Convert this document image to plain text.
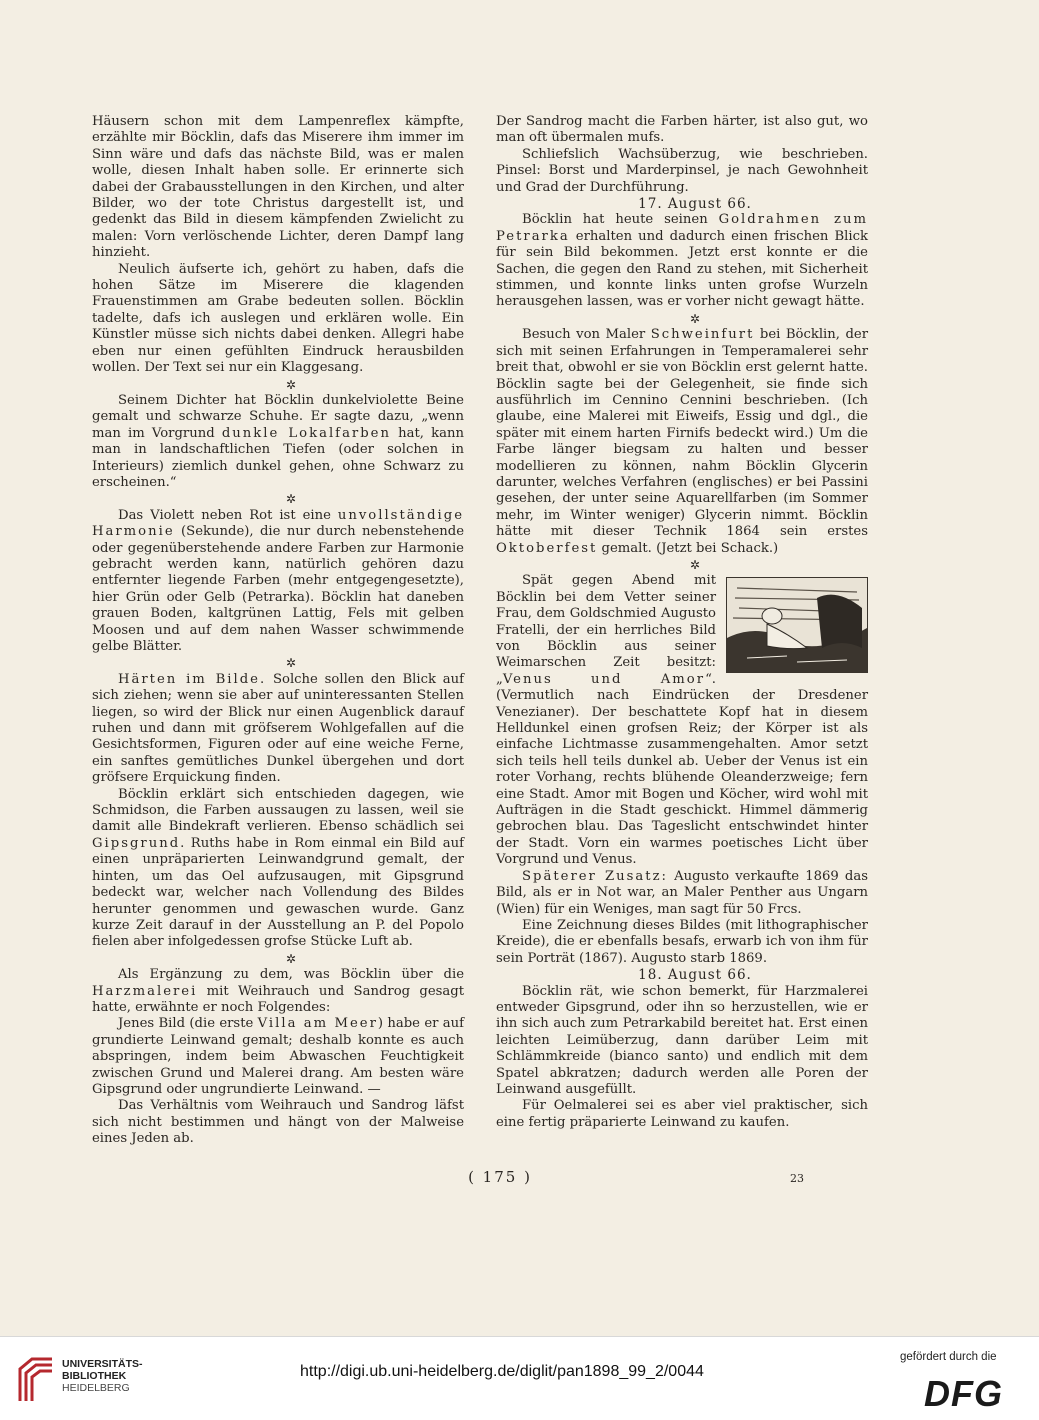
Häusern schon mit dem Lampenreflex kämpfte, erzählte mir Böcklin, dafs das Miserere ihm immer im Sinn wäre und dafs das nächste Bild, was er malen wolle, diesen Inhalt haben solle. Er erinnerte sich dabei der Grabausstellungen in den Kirchen, und alter Bilder, wo der tote Christus dargestellt ist, und gedenkt das Bild in diesem kämpfenden Zwielicht zu malen: Vorn verlöschende Lichter, deren Dampf lang hinzieht.

Neulich äufserte ich, gehört zu haben, dafs die hohen Sätze im Miserere die klagenden Frauenstimmen am Grabe bedeuten sollen. Böcklin tadelte, dafs ich auslegen und erklären wolle. Ein Künstler müsse sich nichts dabei denken. Allegri habe eben nur einen gefühlten Eindruck herausbilden wollen. Der Text sei nur ein Klaggesang.

✲

Seinem Dichter hat Böcklin dunkelviolette Beine gemalt und schwarze Schuhe. Er sagte dazu, „wenn man im Vorgrund dunkle Lokalfarben hat, kann man in landschaftlichen Tiefen (oder solchen in Interieurs) ziemlich dunkel gehen, ohne Schwarz zu erscheinen.“

✲

Das Violett neben Rot ist eine unvollständige Harmonie (Sekunde), die nur durch nebenstehende oder gegenüberstehende andere Farben zur Harmonie gebracht werden kann, natürlich gehören dazu entfernter liegende Farben (mehr entgegengesetzte), hier Grün oder Gelb (Petrarka). Böcklin hat daneben grauen Boden, kaltgrünen Lattig, Fels mit gelben Moosen und auf dem nahen Wasser schwimmende gelbe Blätter.

✲

Härten im Bilde. Solche sollen den Blick auf sich ziehen; wenn sie aber auf uninteressanten Stellen liegen, so wird der Blick nur einen Augenblick darauf ruhen und dann mit gröfserem Wohlgefallen auf die Gesichtsformen, Figuren oder auf eine weiche Ferne, ein sanftes gemütliches Dunkel übergehen und dort gröfsere Erquickung finden.

Böcklin erklärt sich entschieden dagegen, wie Schmidson, die Farben aussaugen zu lassen, weil sie damit alle Bindekraft verlieren. Ebenso schädlich sei Gipsgrund. Ruths habe in Rom einmal ein Bild auf einen unpräparierten Leinwandgrund gemalt, der hinten, um das Oel aufzusaugen, mit Gipsgrund bedeckt war, welcher nach Vollendung des Bildes herunter genommen und gewaschen wurde. Ganz kurze Zeit darauf in der Ausstellung an P. del Popolo fielen aber infolgedessen grofse Stücke Luft ab.

✲

Als Ergänzung zu dem, was Böcklin über die Harzmalerei mit Weihrauch und Sandrog gesagt hatte, erwähnte er noch Folgendes:

Jenes Bild (die erste Villa am Meer) habe er auf grundierte Leinwand gemalt; deshalb konnte es auch abspringen, indem beim Abwaschen Feuchtigkeit zwischen Grund und Malerei drang. Am besten wäre Gipsgrund oder ungrundierte Leinwand. —

Das Verhältnis vom Weihrauch und Sandrog läfst sich nicht bestimmen und hängt von der Malweise eines Jeden ab.

Der Sandrog macht die Farben härter, ist also gut, wo man oft übermalen mufs.

Schliefslich Wachsüberzug, wie beschrieben. Pinsel: Borst und Marderpinsel, je nach Gewohnheit und Grad der Durchführung.

17. August 66.

Böcklin hat heute seinen Goldrahmen zum Petrarka erhalten und dadurch einen frischen Blick für sein Bild bekommen. Jetzt erst konnte er die Sachen, die gegen den Rand zu stehen, mit Sicherheit stimmen, und konnte links unten grofse Wurzeln herausgehen lassen, was er vorher nicht gewagt hätte.

✲

Besuch von Maler Schweinfurt bei Böcklin, der sich mit seinen Erfahrungen in Temperamalerei sehr breit that, obwohl er sie von Böcklin erst gelernt hatte. Böcklin sagte bei der Gelegenheit, sie finde sich ausführlich im Cennino Cennini beschrieben. (Ich glaube, eine Malerei mit Eiweifs, Essig und dgl., die später mit einem harten Firnifs bedeckt wird.) Um die Farbe länger biegsam zu halten und besser modellieren zu können, nahm Böcklin Glycerin darunter, welches Verfahren (englisches) er bei Passini gesehen, der unter seine Aquarellfarben (im Sommer mehr, im Winter weniger) Glycerin nimmt. Böcklin hätte mit dieser Technik 1864 sein erstes Oktoberfest gemalt. (Jetzt bei Schack.)

✲

Spät gegen Abend mit Böcklin bei dem Vetter seiner Frau, dem Goldschmied Augusto Fratelli, der ein herrliches Bild von Böcklin aus seiner Weimarschen Zeit besitzt: „Venus und Amor“. (Vermutlich nach Eindrücken der Dresdener Venezianer). Der beschattete Kopf hat in diesem Helldunkel einen grofsen Reiz; der Körper ist als einfache Lichtmasse zusammengehalten. Amor setzt sich teils hell teils dunkel ab. Ueber der Venus ist ein roter Vorhang, rechts blühende Oleanderzweige; fern eine Stadt. Amor mit Bogen und Köcher, wird wohl mit Aufträgen in die Stadt geschickt. Himmel dämmerig gebrochen blau. Das Tageslicht entschwindet hinter der Stadt. Vorn ein warmes poetisches Licht über Vorgrund und Venus.

Späterer Zusatz: Augusto verkaufte 1869 das Bild, als er in Not war, an Maler Penther aus Ungarn (Wien) für ein Weniges, man sagt für 50 Frcs.

Eine Zeichnung dieses Bildes (mit lithographischer Kreide), die er ebenfalls besafs, erwarb ich von ihm für sein Porträt (1867). Augusto starb 1869.

18. August 66.

Böcklin rät, wie schon bemerkt, für Harzmalerei entweder Gipsgrund, oder ihn so herzustellen, wie er ihn sich auch zum Petrarkabild bereitet hat. Erst einen leichten Leimüberzug, dann darüber Leim mit Schlämmkreide (bianco santo) und endlich mit dem Spatel abkratzen; dadurch werden alle Poren der Leinwand ausgefüllt.

Für Oelmalerei sei es aber viel praktischer, sich eine fertig präparierte Leinwand zu kaufen.

( 175 )	23
UNIVERSITÄTS-
BIBLIOTHEK
HEIDELBERG
http://digi.ub.uni-heidelberg.de/diglit/pan1898_99_2/0044
gefördert durch die
DFG
